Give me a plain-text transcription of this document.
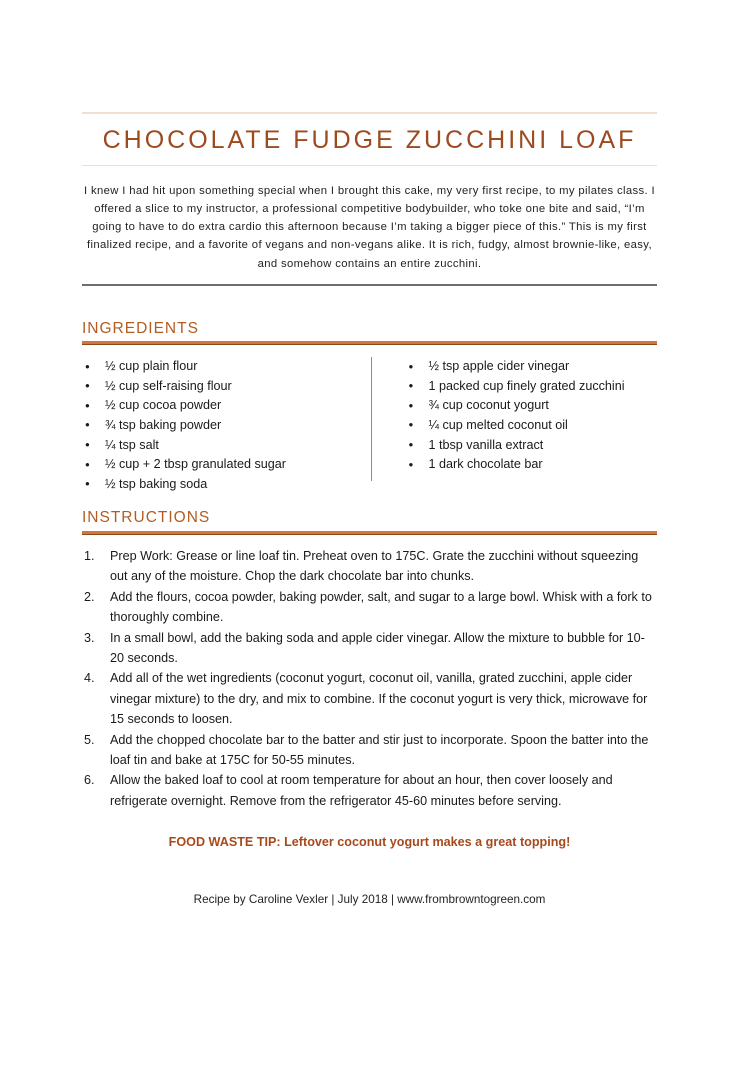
CHOCOLATE FUDGE ZUCCHINI LOAF

I knew I had hit upon something special when I brought this cake, my very first recipe, to my pilates class. I offered a slice to my instructor, a professional competitive bodybuilder, who toke one bite and said, “I’m going to have to do extra cardio this afternoon because I’m taking a bigger piece of this.” This is my first finalized recipe, and a favorite of vegans and non-vegans alike. It is rich, fudgy, almost brownie-like, easy, and somehow contains an entire zucchini.

INGREDIENTS
● ½ cup plain flour
● ½ cup self-raising flour
● ½ cup cocoa powder
● ¾ tsp baking powder
● ¼ tsp salt
● ½ cup + 2 tbsp granulated sugar
● ½ tsp baking soda
● ½ tsp apple cider vinegar
● 1 packed cup finely grated zucchini
● ¾ cup coconut yogurt
● ¼ cup melted coconut oil
● 1 tbsp vanilla extract
● 1 dark chocolate bar
INSTRUCTIONS
Prep Work: Grease or line loaf tin. Preheat oven to 175C. Grate the zucchini without squeezing out any of the moisture. Chop the dark chocolate bar into chunks.
Add the flours, cocoa powder, baking powder, salt, and sugar to a large bowl. Whisk with a fork to thoroughly combine.
In a small bowl, add the baking soda and apple cider vinegar. Allow the mixture to bubble for 10-20 seconds.
Add all of the wet ingredients (coconut yogurt, coconut oil, vanilla, grated zucchini, apple cider vinegar mixture) to the dry, and mix to combine. If the coconut yogurt is very thick, microwave for 15 seconds to loosen.
Add the chopped chocolate bar to the batter and stir just to incorporate. Spoon the batter into the loaf tin and bake at 175C for 50-55 minutes.
Allow the baked loaf to cool at room temperature for about an hour, then cover loosely and refrigerate overnight. Remove from the refrigerator 45-60 minutes before serving.

FOOD WASTE TIP: Leftover coconut yogurt makes a great topping!

Recipe by Caroline Vexler | July 2018 | www.frombrowntogreen.com
